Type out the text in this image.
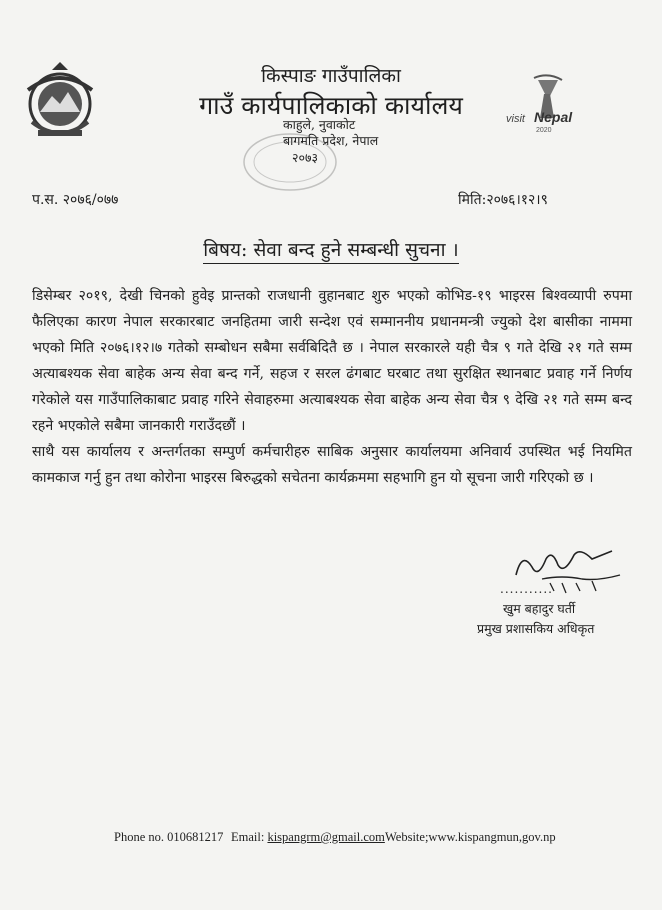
visit Nepal
2020
किस्पाङ गाउँपालिका
गाउँ कार्यपालिकाको कार्यालय
काहुले, नुवाकोट
बागमति प्रदेश, नेपाल
२०७३
प.स. २०७६/०७७	मिति:२०७६।१२।९
बिषय: सेवा बन्द हुने सम्बन्धी सुचना ।

डिसेम्बर २०१९, देखी चिनको हुवेइ प्रान्तको राजधानी वुहानबाट शुरु भएको कोभिड-१९ भाइरस बिश्वव्यापी रुपमा फैलिएका कारण नेपाल सरकारबाट जनहितमा जारी सन्देश एवं सम्माननीय प्रधानमन्त्री ज्युको देश बासीका नाममा भएको मिति २०७६।१२।७ गतेको सम्बोधन सबैमा सर्वबिदितै छ । नेपाल सरकारले यही चैत्र ९ गते देखि २१ गते सम्म अत्याबश्यक सेवा बाहेक अन्य सेवा बन्द गर्ने, सहज र सरल ढंगबाट घरबाट तथा सुरक्षित स्थानबाट प्रवाह गर्ने निर्णय गरेकोले यस गाउँपालिकाबाट प्रवाह गरिने सेवाहरुमा अत्याबश्यक सेवा बाहेक अन्य सेवा चैत्र ९ देखि २१ गते सम्म बन्द रहने भएकोले सबैमा जानकारी गराउँदछौं ।

साथै यस कार्यालय र अन्तर्गतका सम्पुर्ण कर्मचारीहरु साबिक अनुसार कार्यालयमा अनिवार्य उपस्थित भई नियमित कामकाज गर्नु हुन तथा कोरोना भाइरस बिरुद्धको सचेतना कार्यक्रममा सहभागि हुन यो सूचना जारी गरिएको छ ।

...........
खुम बहादुर घर्ती
प्रमुख प्रशासकिय अधिकृत
Phone no. 010681217 Email: kispangrm@gmail.com Website;www.kispangmun,gov.np
